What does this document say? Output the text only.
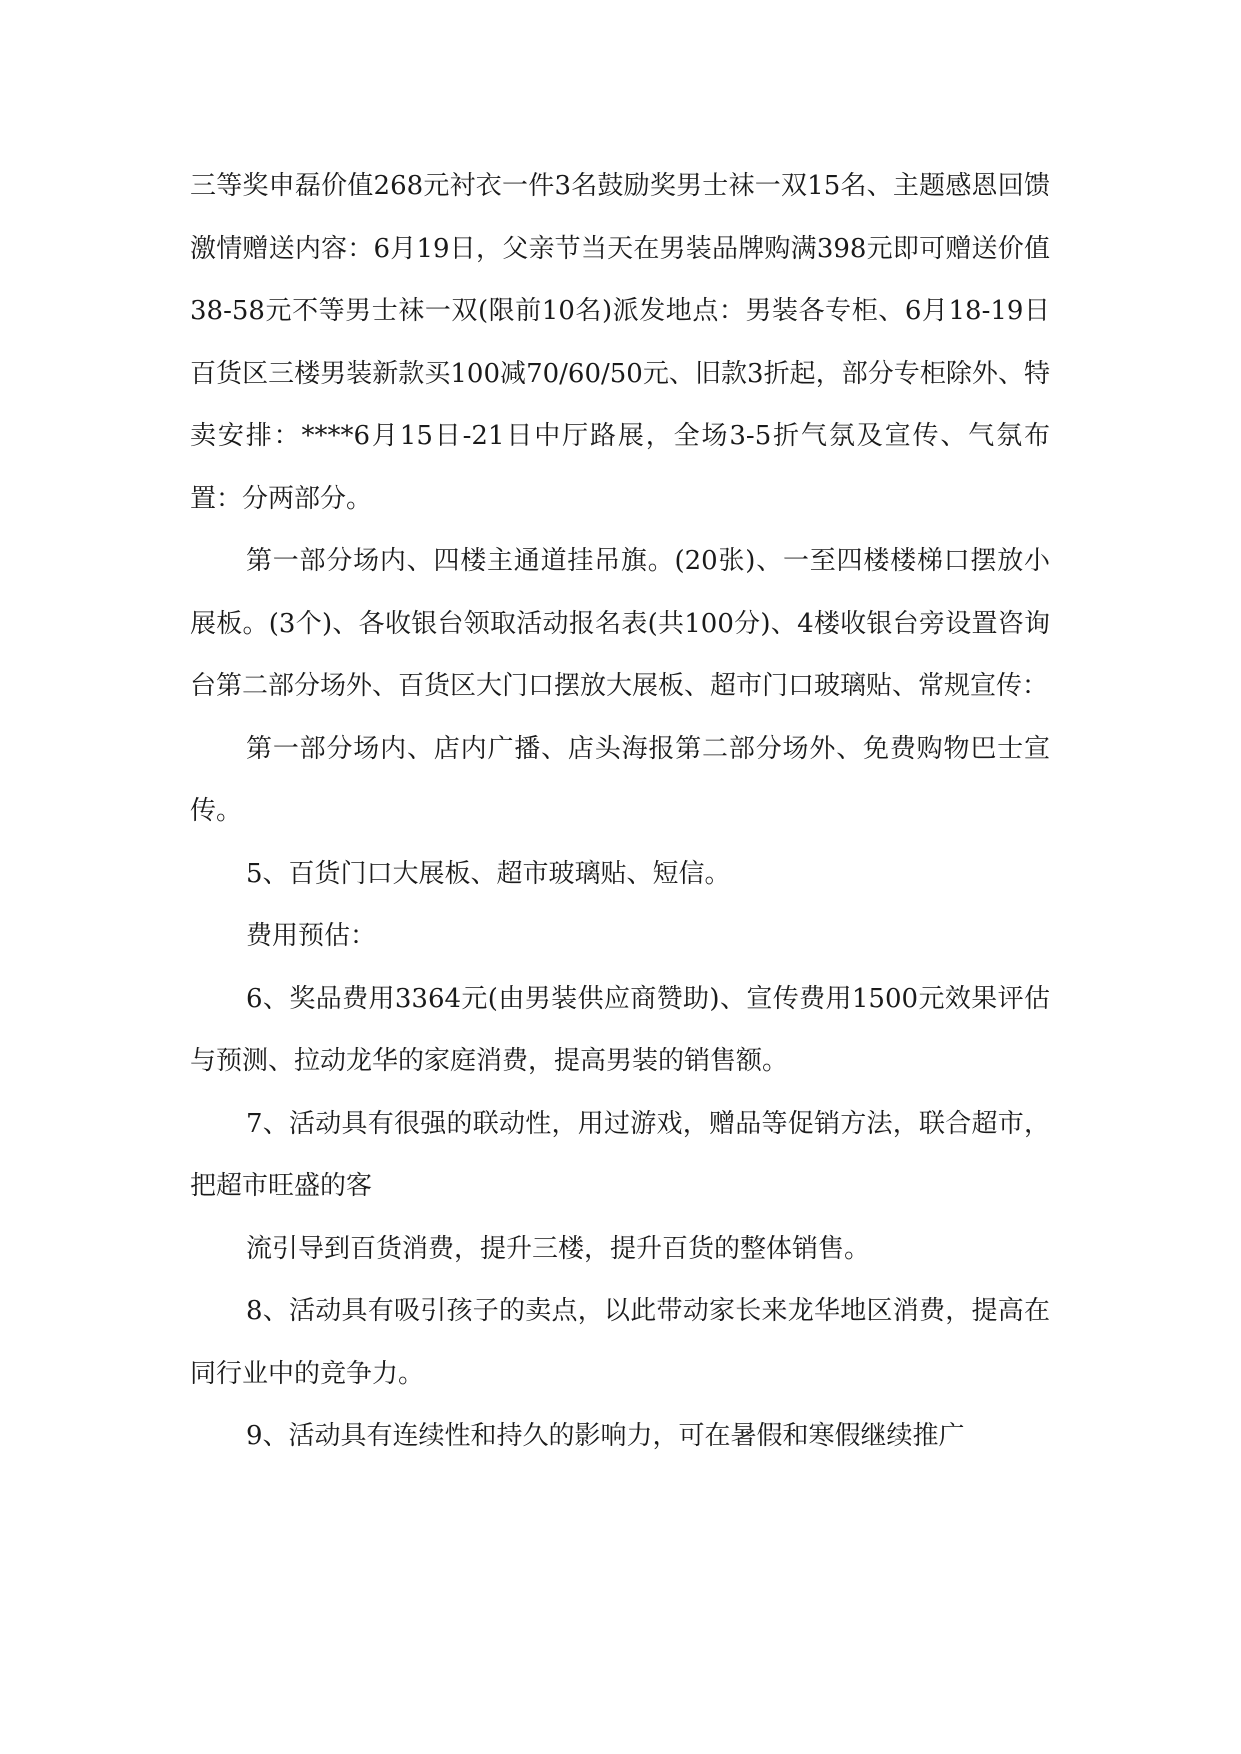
三等奖申磊价值268元衬衣一件3名鼓励奖男士袜一双15名、主题感恩回馈激情赠送内容：6月19日，父亲节当天在男装品牌购满398元即可赠送价值38-58元不等男士袜一双(限前10名)派发地点：男装各专柜、6月18-19日百货区三楼男装新款买100减70/60/50元、旧款3折起，部分专柜除外、特卖安排：****6月15日-21日中厅路展，全场3-5折气氛及宣传、气氛布置：分两部分。

第一部分场内、四楼主通道挂吊旗。(20张)、一至四楼楼梯口摆放小展板。(3个)、各收银台领取活动报名表(共100分)、4楼收银台旁设置咨询台第二部分场外、百货区大门口摆放大展板、超市门口玻璃贴、常规宣传：

第一部分场内、店内广播、店头海报第二部分场外、免费购物巴士宣传。

5、百货门口大展板、超市玻璃贴、短信。

费用预估：

6、奖品费用3364元(由男装供应商赞助)、宣传费用1500元效果评估与预测、拉动龙华的家庭消费，提高男装的销售额。

7、活动具有很强的联动性，用过游戏，赠品等促销方法，联合超市，把超市旺盛的客

流引导到百货消费，提升三楼，提升百货的整体销售。

8、活动具有吸引孩子的卖点，以此带动家长来龙华地区消费，提高在同行业中的竞争力。

9、活动具有连续性和持久的影响力，可在暑假和寒假继续推广
